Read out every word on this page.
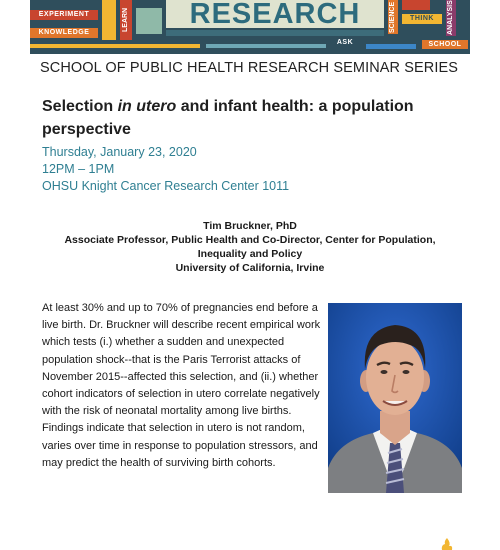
EXPERIMENT
KNOWLEDGE
LEARN	RESEARCH	SCIENCE	THINK	ANALYSIS
ASK	SCHOOL
SCHOOL OF PUBLIC HEALTH RESEARCH SEMINAR SERIES
Selection in utero and infant health: a population perspective
Thursday, January 23, 2020
12PM – 1PM
OHSU Knight Cancer Research Center 1011
Tim Bruckner, PhD
Associate Professor, Public Health and Co-Director, Center for Population, Inequality and Policy
University of California, Irvine
At least 30% and up to 70% of pregnancies end before a live birth. Dr. Bruckner will describe recent empirical work which tests (i.) whether a sudden and unexpected population shock--that is the Paris Terrorist attacks of November 2015--affected this selection, and (ii.) whether cohort indicators of selection in utero correlate negatively with the risk of neonatal mortality among live births. Findings indicate that selection in utero is not random, varies over time in response to population stressors, and may predict the health of surviving birth cohorts.
